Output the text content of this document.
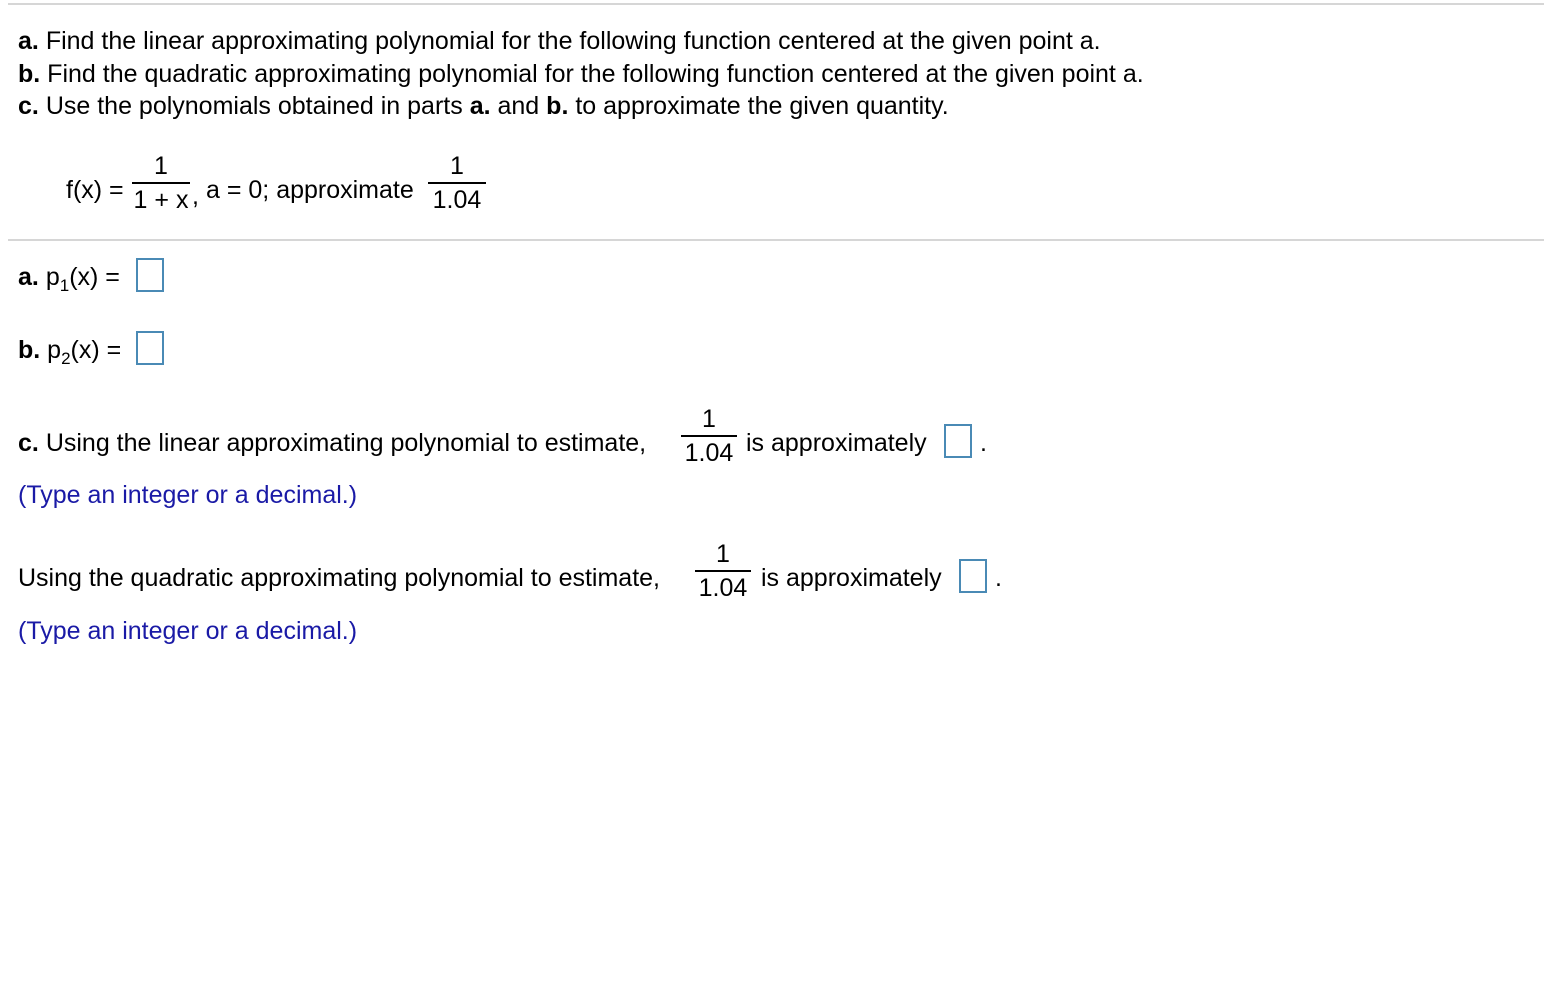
a. Find the linear approximating polynomial for the following function centered at the given point a.
b. Find the quadratic approximating polynomial for the following function centered at the given point a.
c. Use the polynomials obtained in parts a. and b. to approximate the given quantity.
f(x) =
1
1 + x , a = 0; approximate
1
1.04
a. $p_1(x)$ =
b. $p_2(x)$ =
c. Using the linear approximating polynomial to estimate,
1
1.04 is approximately .
(Type an integer or a decimal.)
Using the quadratic approximating polynomial to estimate,
1
1.04 is approximately .
(Type an integer or a decimal.)
